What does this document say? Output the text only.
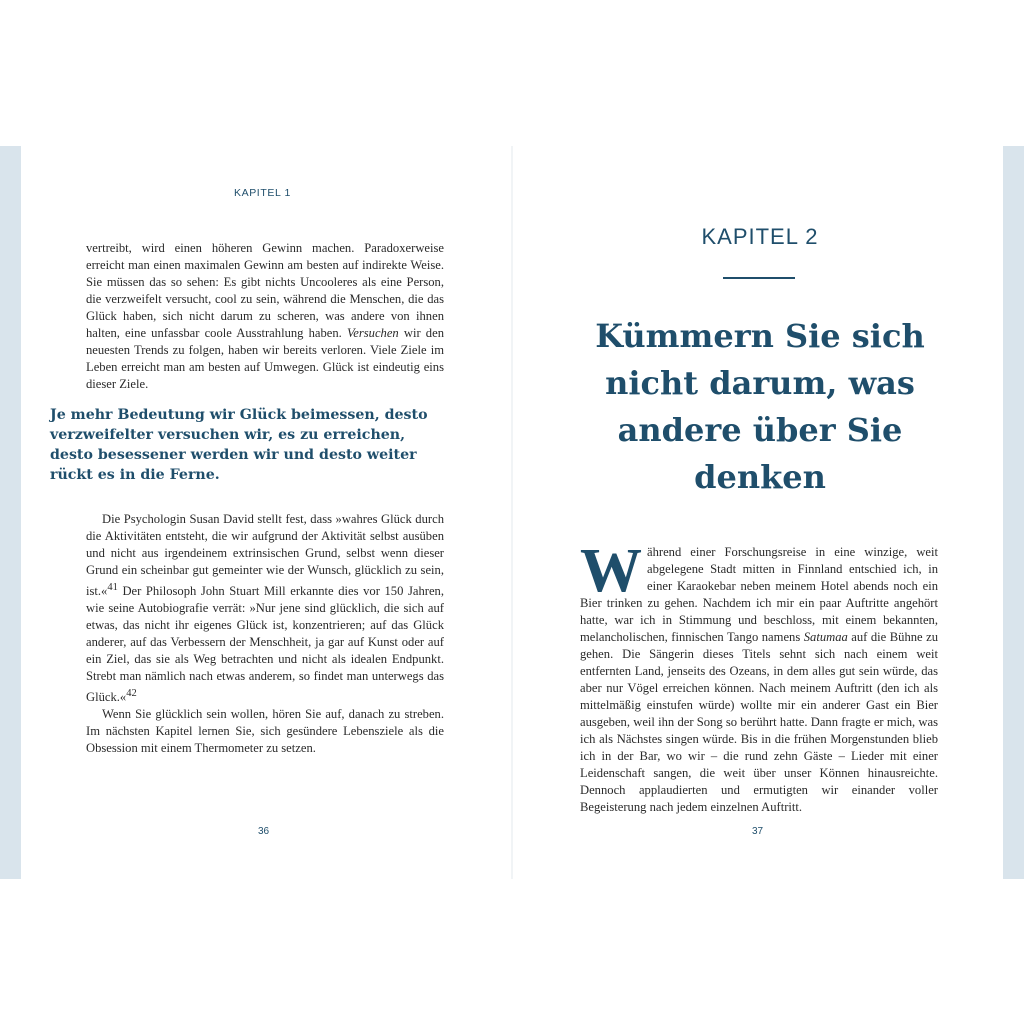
KAPITEL 1

vertreibt, wird einen höheren Gewinn machen. Paradoxerweise erreicht man einen maximalen Gewinn am besten auf indirekte Weise. Sie müssen das so sehen: Es gibt nichts Uncooleres als eine Person, die verzweifelt versucht, cool zu sein, während die Menschen, die das Glück haben, sich nicht darum zu scheren, was andere von ihnen halten, eine unfassbar coole Ausstrahlung haben. Versuchen wir den neuesten Trends zu folgen, haben wir bereits verloren. Viele Ziele im Leben erreicht man am besten auf Umwegen. Glück ist eindeutig eins dieser Ziele.

Je mehr Bedeutung wir Glück beimessen, desto verzweifelter versuchen wir, es zu erreichen, desto besessener werden wir und desto weiter rückt es in die Ferne.

Die Psychologin Susan David stellt fest, dass »wahres Glück durch die Aktivitäten entsteht, die wir aufgrund der Aktivität selbst ausüben und nicht aus irgendeinem extrinsischen Grund, selbst wenn dieser Grund ein scheinbar gut gemeinter wie der Wunsch, glücklich zu sein, ist.«$^{41}$ Der Philosoph John Stuart Mill erkannte dies vor 150 Jahren, wie seine Autobiografie verrät: »Nur jene sind glücklich, die sich auf etwas, das nicht ihr eigenes Glück ist, konzentrieren; auf das Glück anderer, auf das Verbessern der Menschheit, ja gar auf Kunst oder auf ein Ziel, das sie als Weg betrachten und nicht als idealen Endpunkt. Strebt man nämlich nach etwas anderem, so findet man unterwegs das Glück.«$^{42}$

Wenn Sie glücklich sein wollen, hören Sie auf, danach zu streben. Im nächsten Kapitel lernen Sie, sich gesündere Lebensziele als die Obsession mit einem Thermometer zu setzen.

36
KAPITEL 2
Kümmern Sie sich nicht darum, was andere über Sie denken

Während einer Forschungsreise in eine winzige, weit abgelegene Stadt mitten in Finnland entschied ich, in einer Karaokebar neben meinem Hotel abends noch ein Bier trinken zu gehen. Nachdem ich mir ein paar Auftritte angehört hatte, war ich in Stimmung und beschloss, mit einem bekannten, melancholischen, finnischen Tango namens Satumaa auf die Bühne zu gehen. Die Sängerin dieses Titels sehnt sich nach einem weit entfernten Land, jenseits des Ozeans, in dem alles gut sein würde, das aber nur Vögel erreichen können. Nach meinem Auftritt (den ich als mittelmäßig einstufen würde) wollte mir ein anderer Gast ein Bier ausgeben, weil ihn der Song so berührt hatte. Dann fragte er mich, was ich als Nächstes singen würde. Bis in die frühen Morgenstunden blieb ich in der Bar, wo wir – die rund zehn Gäste – Lieder mit einer Leidenschaft sangen, die weit über unser Können hinausreichte. Dennoch applaudierten und ermutigten wir einander voller Begeisterung nach jedem einzelnen Auftritt.

37
